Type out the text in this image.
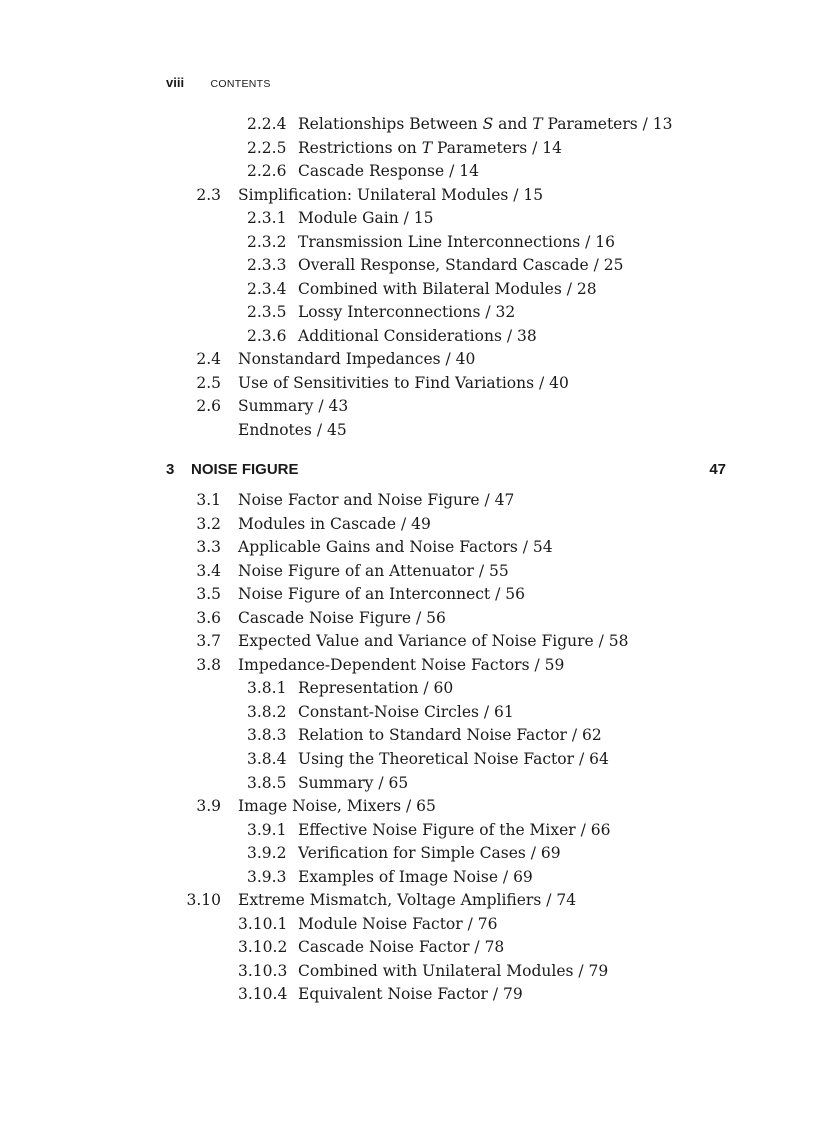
viii	CONTENTS
2.2.4 Relationships Between S and T Parameters / 13
2.2.5 Restrictions on T Parameters / 14
2.2.6 Cascade Response / 14
2.3 Simplification: Unilateral Modules / 15
2.3.1 Module Gain / 15
2.3.2 Transmission Line Interconnections / 16
2.3.3 Overall Response, Standard Cascade / 25
2.3.4 Combined with Bilateral Modules / 28
2.3.5 Lossy Interconnections / 32
2.3.6 Additional Considerations / 38
2.4 Nonstandard Impedances / 40
2.5 Use of Sensitivities to Find Variations / 40
2.6 Summary / 43
Endnotes / 45
3 NOISE FIGURE	47
3.1 Noise Factor and Noise Figure / 47
3.2 Modules in Cascade / 49
3.3 Applicable Gains and Noise Factors / 54
3.4 Noise Figure of an Attenuator / 55
3.5 Noise Figure of an Interconnect / 56
3.6 Cascade Noise Figure / 56
3.7 Expected Value and Variance of Noise Figure / 58
3.8 Impedance-Dependent Noise Factors / 59
3.8.1 Representation / 60
3.8.2 Constant-Noise Circles / 61
3.8.3 Relation to Standard Noise Factor / 62
3.8.4 Using the Theoretical Noise Factor / 64
3.8.5 Summary / 65
3.9 Image Noise, Mixers / 65
3.9.1 Effective Noise Figure of the Mixer / 66
3.9.2 Verification for Simple Cases / 69
3.9.3 Examples of Image Noise / 69
3.10 Extreme Mismatch, Voltage Amplifiers / 74
3.10.1 Module Noise Factor / 76
3.10.2 Cascade Noise Factor / 78
3.10.3 Combined with Unilateral Modules / 79
3.10.4 Equivalent Noise Factor / 79
